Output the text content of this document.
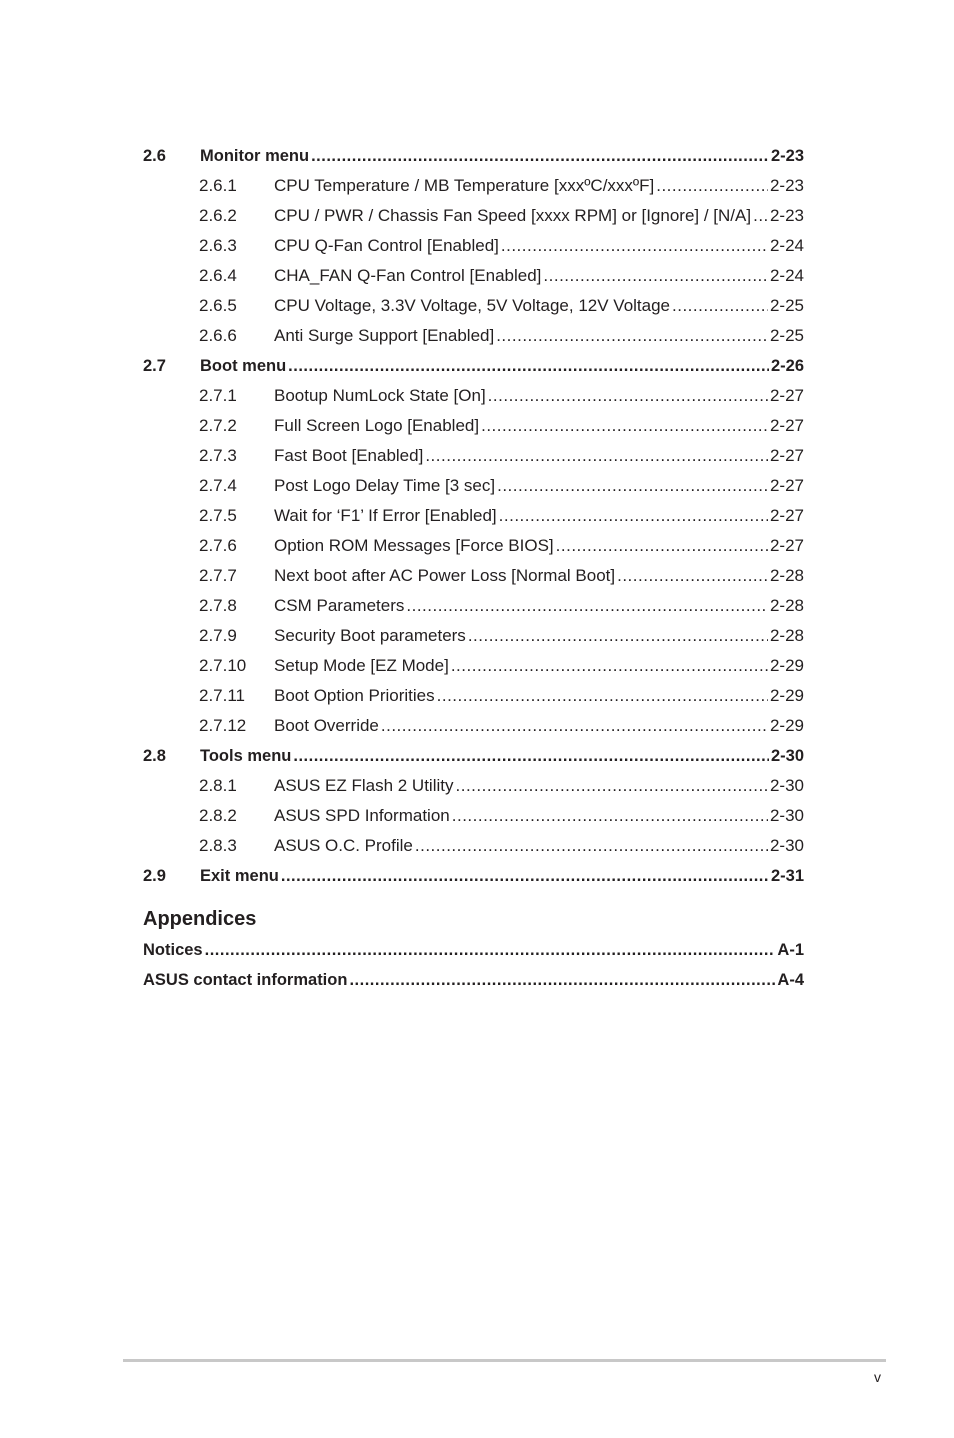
2.6	Monitor menu .....	2-23
2.6.1	CPU Temperature / MB Temperature [xxxºC/xxxºF] .....	2-23
2.6.2	CPU / PWR / Chassis Fan Speed [xxxx RPM] or [Ignore] / [N/A] ..... 2-23
2.6.3	CPU Q-Fan Control [Enabled] .....	2-24
2.6.4	CHA_FAN Q-Fan Control [Enabled] .....	2-24
2.6.5	CPU Voltage, 3.3V Voltage, 5V Voltage, 12V Voltage .....	2-25
2.6.6	Anti Surge Support [Enabled] .....	2-25
2.7	Boot menu .....	2-26
2.7.1	Bootup NumLock State [On] .....	2-27
2.7.2	Full Screen Logo [Enabled] .....	2-27
2.7.3	Fast Boot [Enabled] .....	2-27
2.7.4	Post Logo Delay Time [3 sec] .....	2-27
2.7.5	Wait for ‘F1’ If Error [Enabled] .....	2-27
2.7.6	Option ROM Messages [Force BIOS] .....	2-27
2.7.7	Next boot after AC Power Loss [Normal Boot] .....	2-28
2.7.8	CSM Parameters .....	2-28
2.7.9	Security Boot parameters .....	2-28
2.7.10	Setup Mode [EZ Mode] .....	2-29
2.7.11	Boot Option Priorities .....	2-29
2.7.12	Boot Override .....	2-29
2.8	Tools menu .....	2-30
2.8.1	ASUS EZ Flash 2 Utility .....	2-30
2.8.2	ASUS SPD Information .....	2-30
2.8.3	ASUS O.C. Profile .....	2-30
2.9	Exit menu .....	2-31
Appendices
Notices .....	A-1
ASUS contact information .....	A-4
v
